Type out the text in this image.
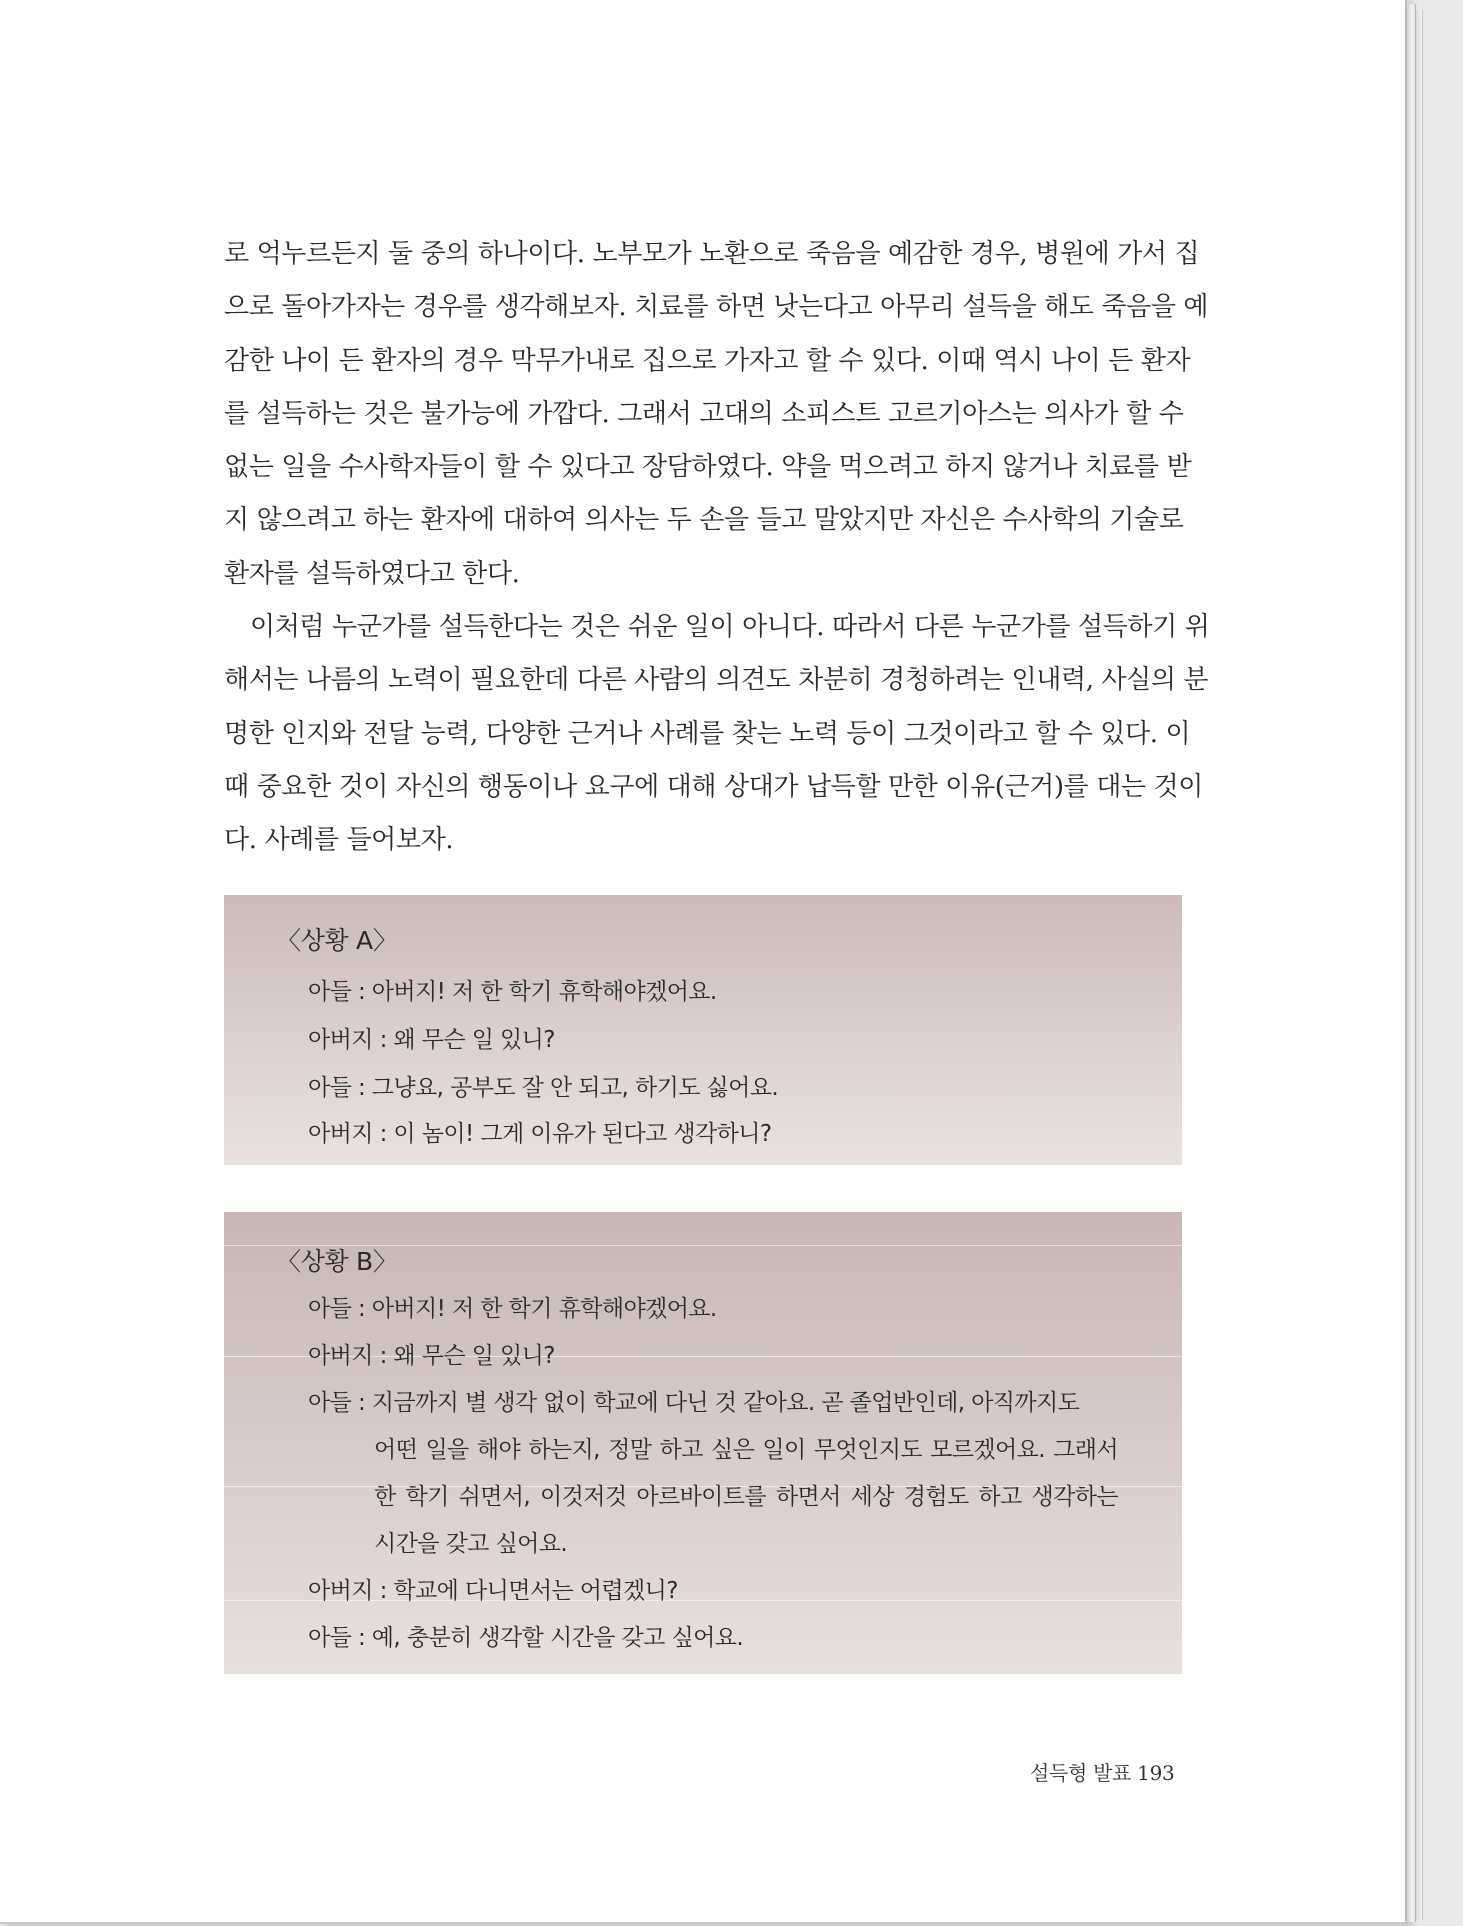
로 억누르든지 둘 중의 하나이다. 노부모가 노환으로 죽음을 예감한 경우, 병원에 가서 집
으로 돌아가자는 경우를 생각해보자. 치료를 하면 낫는다고 아무리 설득을 해도 죽음을 예
감한 나이 든 환자의 경우 막무가내로 집으로 가자고 할 수 있다. 이때 역시 나이 든 환자
를 설득하는 것은 불가능에 가깝다. 그래서 고대의 소피스트 고르기아스는 의사가 할 수
없는 일을 수사학자들이 할 수 있다고 장담하였다. 약을 먹으려고 하지 않거나 치료를 받
지 않으려고 하는 환자에 대하여 의사는 두 손을 들고 말았지만 자신은 수사학의 기술로
환자를 설득하였다고 한다.

이처럼 누군가를 설득한다는 것은 쉬운 일이 아니다. 따라서 다른 누군가를 설득하기 위
해서는 나름의 노력이 필요한데 다른 사람의 의견도 차분히 경청하려는 인내력, 사실의 분
명한 인지와 전달 능력, 다양한 근거나 사례를 찾는 노력 등이 그것이라고 할 수 있다. 이
때 중요한 것이 자신의 행동이나 요구에 대해 상대가 납득할 만한 이유(근거)를 대는 것이
다. 사례를 들어보자.

〈상황 A〉
아들 : 아버지! 저 한 학기 휴학해야겠어요.
아버지 : 왜 무슨 일 있니?
아들 : 그냥요, 공부도 잘 안 되고, 하기도 싫어요.
아버지 : 이 놈이! 그게 이유가 된다고 생각하니?
〈상황 B〉
아들 : 아버지! 저 한 학기 휴학해야겠어요.
아버지 : 왜 무슨 일 있니?
아들 : 지금까지 별 생각 없이 학교에 다닌 것 같아요. 곧 졸업반인데, 아직까지도
어떤 일을 해야 하는지, 정말 하고 싶은 일이 무엇인지도 모르겠어요. 그래서
한 학기 쉬면서, 이것저것 아르바이트를 하면서 세상 경험도 하고 생각하는
시간을 갖고 싶어요.
아버지 : 학교에 다니면서는 어렵겠니?
아들 : 예, 충분히 생각할 시간을 갖고 싶어요.
설득형 발표 193
